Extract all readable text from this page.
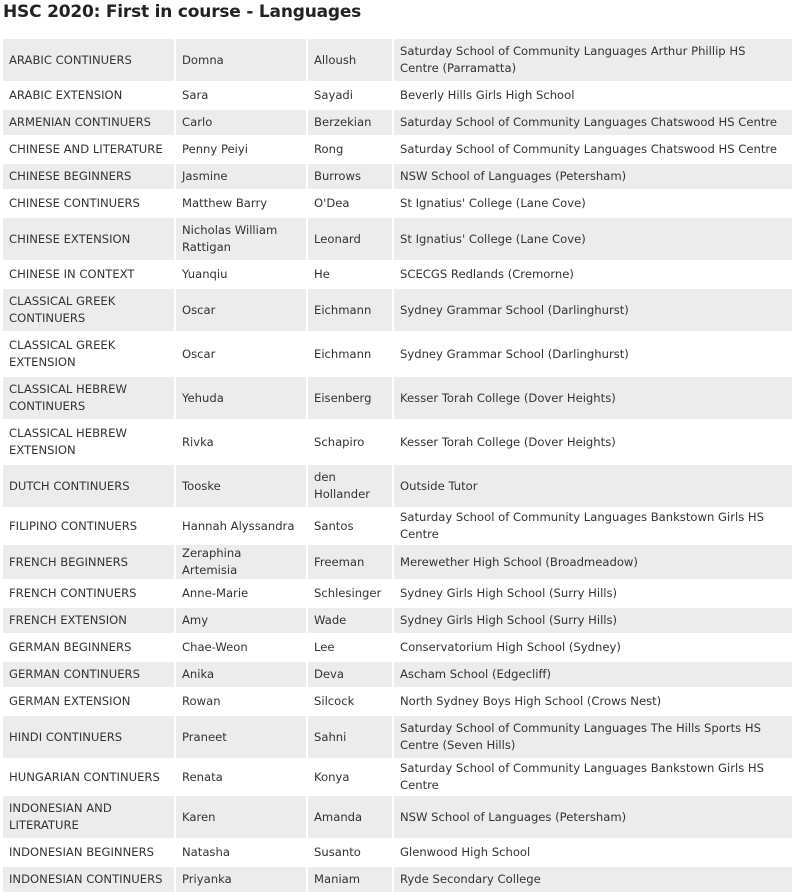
HSC 2020: First in course - Languages
ARABIC CONTINUERS	Domna	Alloush	Saturday School of Community Languages Arthur Phillip HS Centre (Parramatta)
ARABIC EXTENSION	Sara	Sayadi	Beverly Hills Girls High School
ARMENIAN CONTINUERS	Carlo	Berzekian	Saturday School of Community Languages Chatswood HS Centre
CHINESE AND LITERATURE	Penny Peiyi	Rong	Saturday School of Community Languages Chatswood HS Centre
CHINESE BEGINNERS	Jasmine	Burrows	NSW School of Languages (Petersham)
CHINESE CONTINUERS	Matthew Barry	O'Dea	St Ignatius' College (Lane Cove)
CHINESE EXTENSION	Nicholas William Rattigan	Leonard	St Ignatius' College (Lane Cove)
CHINESE IN CONTEXT	Yuanqiu	He	SCECGS Redlands (Cremorne)
CLASSICAL GREEK CONTINUERS	Oscar	Eichmann	Sydney Grammar School (Darlinghurst)
CLASSICAL GREEK EXTENSION	Oscar	Eichmann	Sydney Grammar School (Darlinghurst)
CLASSICAL HEBREW CONTINUERS	Yehuda	Eisenberg	Kesser Torah College (Dover Heights)
CLASSICAL HEBREW EXTENSION	Rivka	Schapiro	Kesser Torah College (Dover Heights)
DUTCH CONTINUERS	Tooske	den Hollander	Outside Tutor
FILIPINO CONTINUERS	Hannah Alyssandra	Santos	Saturday School of Community Languages Bankstown Girls HS Centre
FRENCH BEGINNERS	Zeraphina Artemisia	Freeman	Merewether High School (Broadmeadow)
FRENCH CONTINUERS	Anne-Marie	Schlesinger	Sydney Girls High School (Surry Hills)
FRENCH EXTENSION	Amy	Wade	Sydney Girls High School (Surry Hills)
GERMAN BEGINNERS	Chae-Weon	Lee	Conservatorium High School (Sydney)
GERMAN CONTINUERS	Anika	Deva	Ascham School (Edgecliff)
GERMAN EXTENSION	Rowan	Silcock	North Sydney Boys High School (Crows Nest)
HINDI CONTINUERS	Praneet	Sahni	Saturday School of Community Languages The Hills Sports HS Centre (Seven Hills)
HUNGARIAN CONTINUERS	Renata	Konya	Saturday School of Community Languages Bankstown Girls HS Centre
INDONESIAN AND LITERATURE	Karen	Amanda	NSW School of Languages (Petersham)
INDONESIAN BEGINNERS	Natasha	Susanto	Glenwood High School
INDONESIAN CONTINUERS	Priyanka	Maniam	Ryde Secondary College
